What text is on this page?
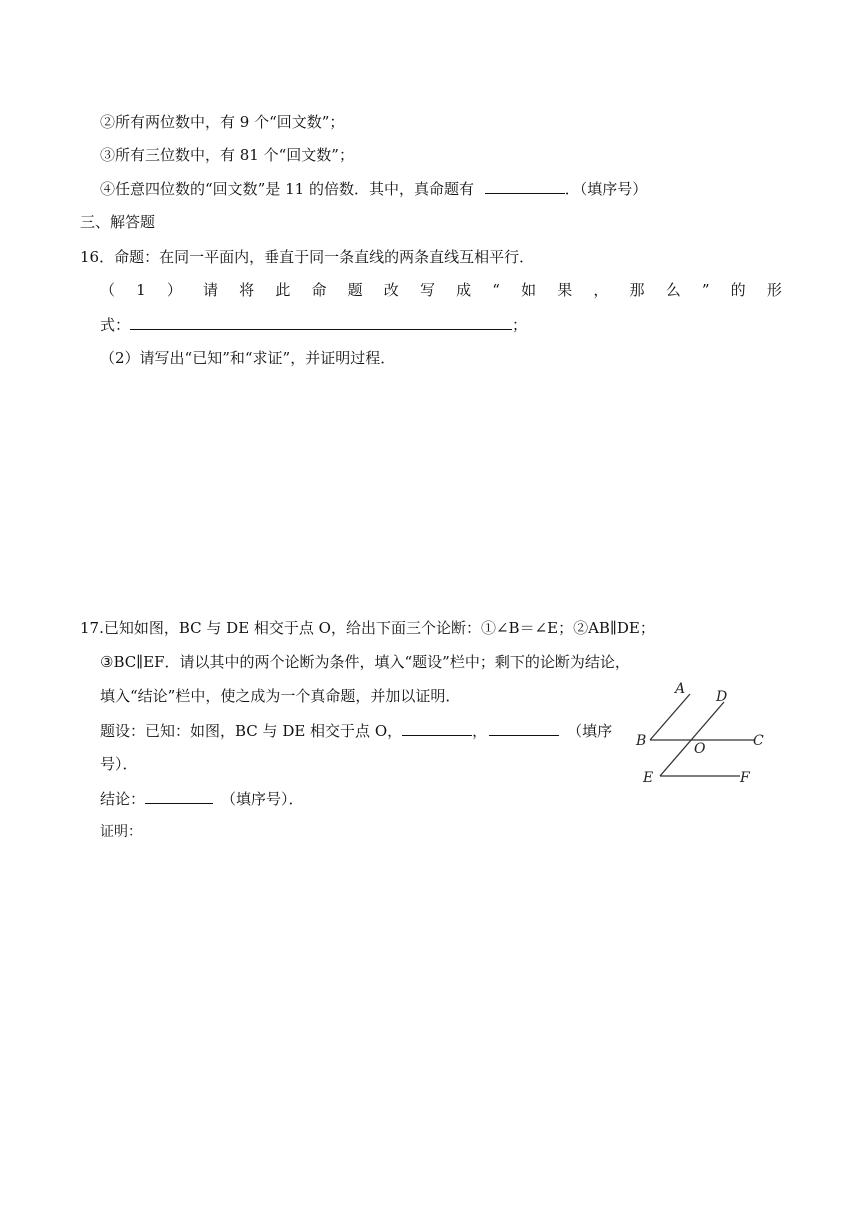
②所有两位数中，有 9 个“回文数”；
③所有三位数中，有 81 个“回文数”；
④任意四位数的“回文数”是 11 的倍数．其中，真命题有	．（填序号）
三、解答题
16．命题：在同一平面内，垂直于同一条直线的两条直线互相平行．
（ 1 ） 请 将 此 命 题 改 写 成 “ 如 果 ， 那 么 ” 的 形
式：	；
（2）请写出“已知”和“求证”，并证明过程．
17.已知如图，BC 与 DE 相交于点 O，给出下面三个论断：①∠B＝∠E；②AB∥DE；
③BC∥EF．请以其中的两个论断为条件，填入“题设”栏中；剩下的论断为结论，
填入“结论”栏中，使之成为一个真命题，并加以证明．
题设：已知：如图，BC 与 DE 相交于点 O，	，	（填序
号）．
结论：	（填序号）．
证明：
A D
B	O	C
E	F
